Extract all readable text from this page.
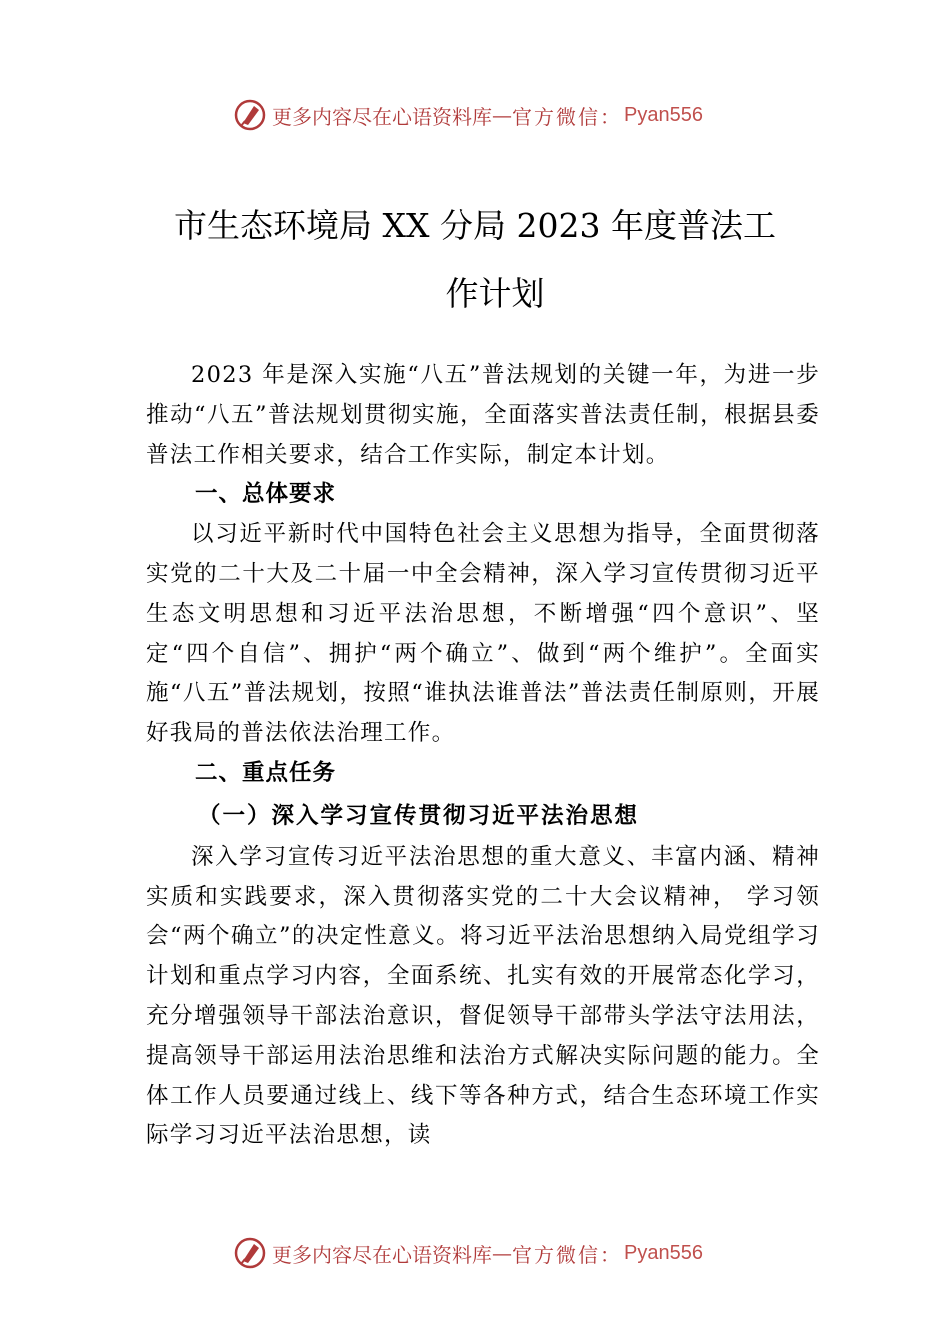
更多内容尽在心语资料库 — 官方微信： Pyan556
市生态环境局 XX 分局 2023 年度普法工
作计划

2023 年是深入实施“八五”普法规划的关键一年，为进一步推动“八五”普法规划贯彻实施，全面落实普法责任制，根据县委普法工作相关要求，结合工作实际，制定本计划。

一、总体要求

以习近平新时代中国特色社会主义思想为指导，全面贯彻落实党的二十大及二十届一中全会精神，深入学习宣传贯彻习近平生态文明思想和习近平法治思想，不断增强“四个意识”、坚定“四个自信”、拥护“两个确立”、做到“两个维护”。全面实施“八五”普法规划，按照“谁执法谁普法”普法责任制原则，开展好我局的普法依法治理工作。

二、重点任务
（一）深入学习宣传贯彻习近平法治思想

深入学习宣传习近平法治思想的重大意义、丰富内涵、精神实质和实践要求，深入贯彻落实党的二十大会议精神， 学习领会“两个确立”的决定性意义。将习近平法治思想纳入局党组学习计划和重点学习内容，全面系统、扎实有效的开展常态化学习，充分增强领导干部法治意识，督促领导干部带头学法守法用法，提高领导干部运用法治思维和法治方式解决实际问题的能力。全体工作人员要通过线上、线下等各种方式，结合生态环境工作实际学习习近平法治思想，读

更多内容尽在心语资料库 — 官方微信： Pyan556
